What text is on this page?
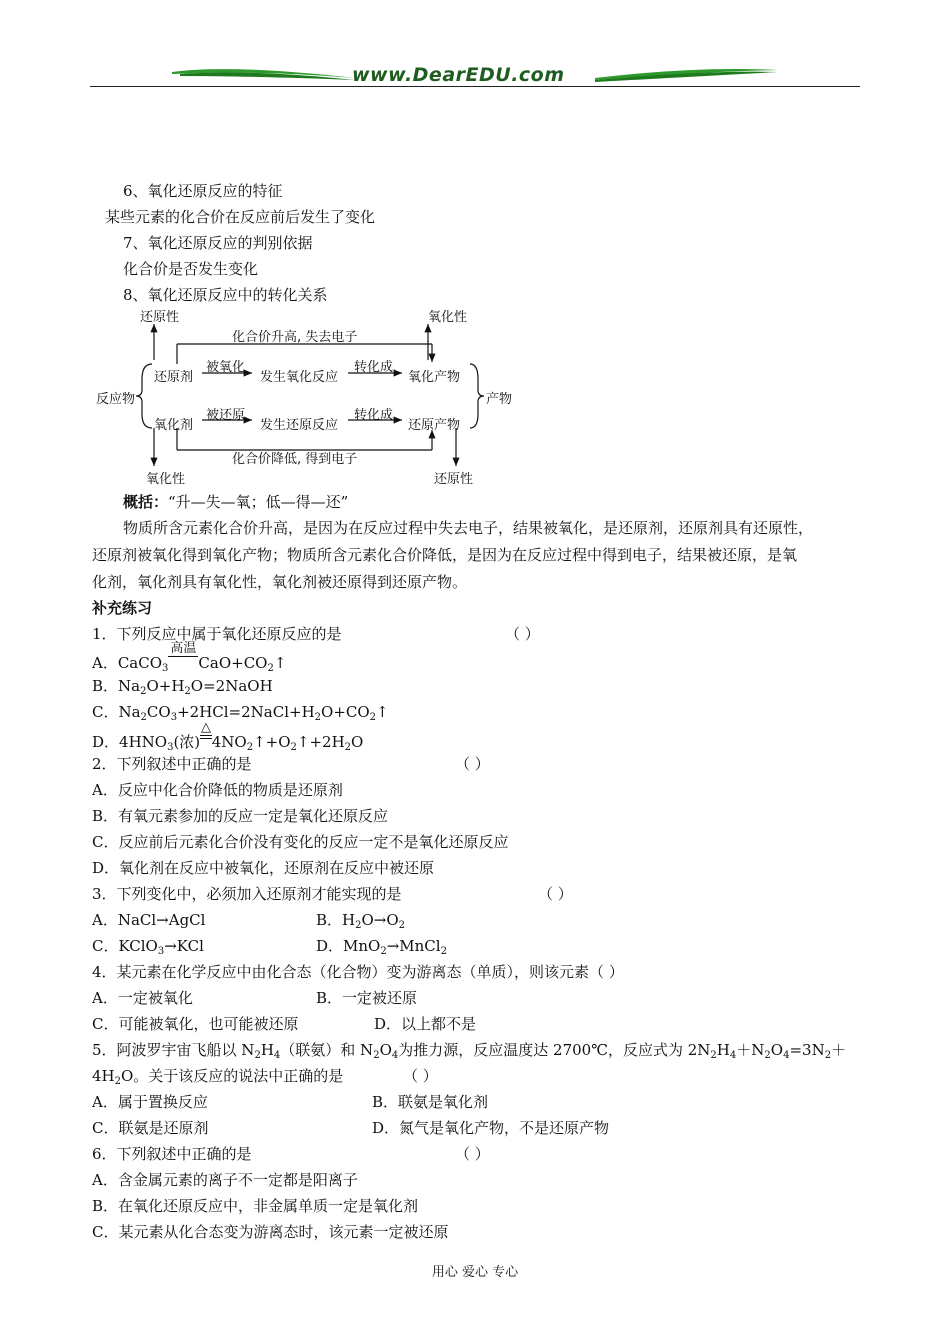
www.DearEDU.com
6、氧化还原反应的特征
某些元素的化合价在反应前后发生了变化
7、氧化还原反应的判别依据
化合价是否发生变化
8、氧化还原反应中的转化关系
还原性	氧化性
化合价升高, 失去电子
反应物
还原剂
被氧化
发生氧化反应
转化成
氧化产物
产物
氧化剂
被还原
发生还原反应
转化成
还原产物
化合价降低, 得到电子
氧化性	还原性
概括：“升—失—氧；低—得—还”
物质所含元素化合价升高，是因为在反应过程中失去电子，结果被氧化，是还原剂，还原剂具有还原性，
还原剂被氧化得到氧化产物；物质所含元素化合价降低，是因为在反应过程中得到电子，结果被还原，是氧
化剂，氧化剂具有氧化性，氧化剂被还原得到还原产物。
补充练习
1．下列反应中属于氧化还原反应的是	（ ）
A．CaCO$_3$
高温
$CaO+CO_2↑$
B．$Na_2O+H_2O=2NaOH$
C．$Na_2CO_3+2HCl=2NaCl+H_2O+CO_2↑$
D．$4HNO_3$(浓)
△
$4NO_2↑+O_2↑+2H_2O$
2．下列叙述中正确的是	（ ）
A．反应中化合价降低的物质是还原剂
B．有氧元素参加的反应一定是氧化还原反应
C．反应前后元素化合价没有变化的反应一定不是氧化还原反应
D．氧化剂在反应中被氧化，还原剂在反应中被还原
3．下列变化中，必须加入还原剂才能实现的是	（ ）
A．NaCl→AgCl	B．$H_2O\to O_2$
C．KClO$_3$→KCl	D．MnO$_2$→MnCl$_2$
4．某元素在化学反应中由化合态（化合物）变为游离态（单质），则该元素（ ）
A．一定被氧化	B．一定被还原
C．可能被氧化，也可能被还原	D．以上都不是
5．阿波罗宇宙飞船以 $N_2H_4$（联氨）和 $N_2O_4$为推力源，反应温度达 2700℃，反应式为 $2N_2H_4+N_2O_4=3N_2+$
$4H_2O$。关于该反应的说法中正确的是	（ ）
A．属于置换反应	B．联氨是氧化剂
C．联氨是还原剂	D．氮气是氧化产物，不是还原产物
6．下列叙述中正确的是	（ ）
A．含金属元素的离子不一定都是阳离子
B．在氧化还原反应中，非金属单质一定是氧化剂
C．某元素从化合态变为游离态时，该元素一定被还原
用心 爱心 专心
